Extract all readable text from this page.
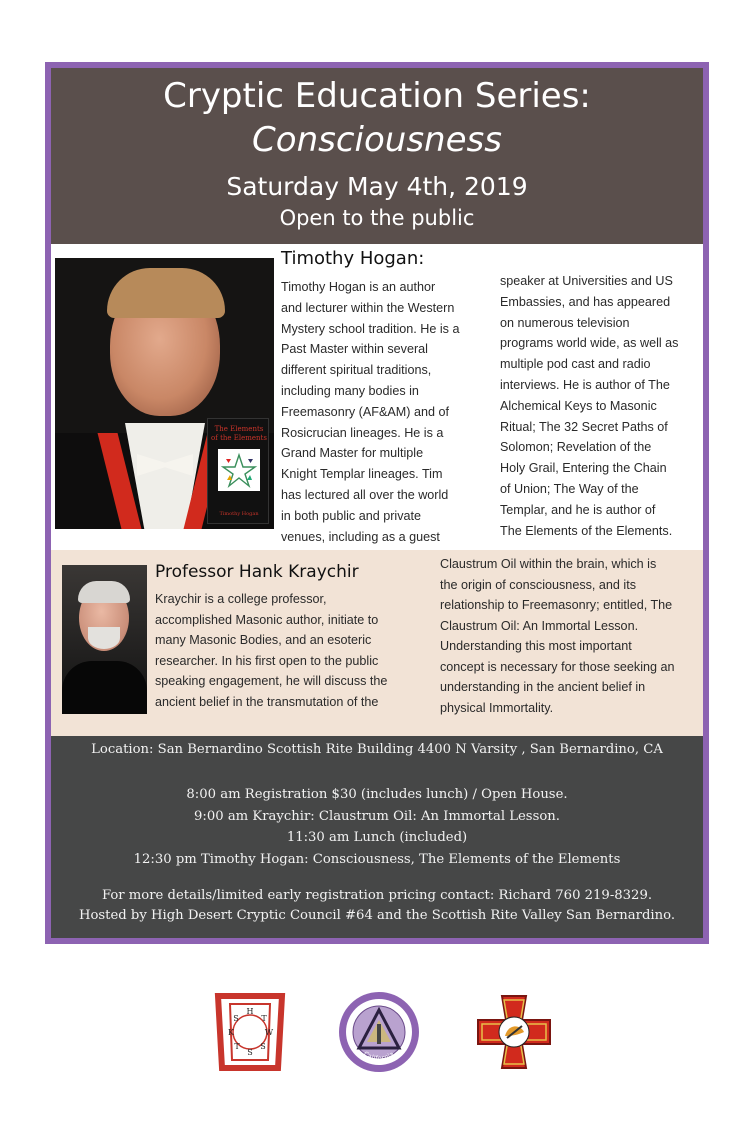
Cryptic Education Series:
Consciousness
Saturday May 4th, 2019
Open to the public
The Elements of the Elements
Timothy Hogan
Timothy Hogan:
Timothy Hogan is an author
and lecturer within the Western
Mystery school tradition. He is a
Past Master within several
different spiritual traditions,
including many bodies in
Freemasonry (AF&AM) and of
Rosicrucian lineages. He is a
Grand Master for multiple
Knight Templar lineages. Tim
has lectured all over the world
in both public and private
venues, including as a guest
speaker at Universities and US
Embassies, and has appeared
on numerous television
programs world wide, as well as
multiple pod cast and radio
interviews. He is author of The
Alchemical Keys to Masonic
Ritual; The 32 Secret Paths of
Solomon; Revelation of the
Holy Grail, Entering the Chain
of Union; The Way of the
Templar, and he is author of
The Elements of the Elements.
Professor Hank Kraychir
Kraychir is a college professor,
accomplished Masonic author, initiate to
many Masonic Bodies, and an esoteric
researcher. In his first open to the public
speaking engagement, he will discuss the
ancient belief in the transmutation of the
Claustrum Oil within the brain, which is
the origin of consciousness, and its
relationship to Freemasonry; entitled, The
Claustrum Oil: An Immortal Lesson.
Understanding this most important
concept is necessary for those seeking an
understanding in the ancient belief in
physical Immortality.
Location: San Bernardino Scottish Rite Building 4400 N Varsity , San Bernardino, CA
8:00 am Registration $30 (includes lunch) / Open House.
9:00 am Kraychir: Claustrum Oil: An Immortal Lesson.
11:30 am Lunch (included)
12:30 pm Timothy Hogan: Consciousness, The Elements of the Elements
For more details/limited early registration pricing contact: Richard 760 219-8329.
Hosted by High Desert Cryptic Council #64 and the Scottish Rite Valley San Bernardino.
H
T
W
S
S
T
K
S
Council of Cryptic Masons
California
